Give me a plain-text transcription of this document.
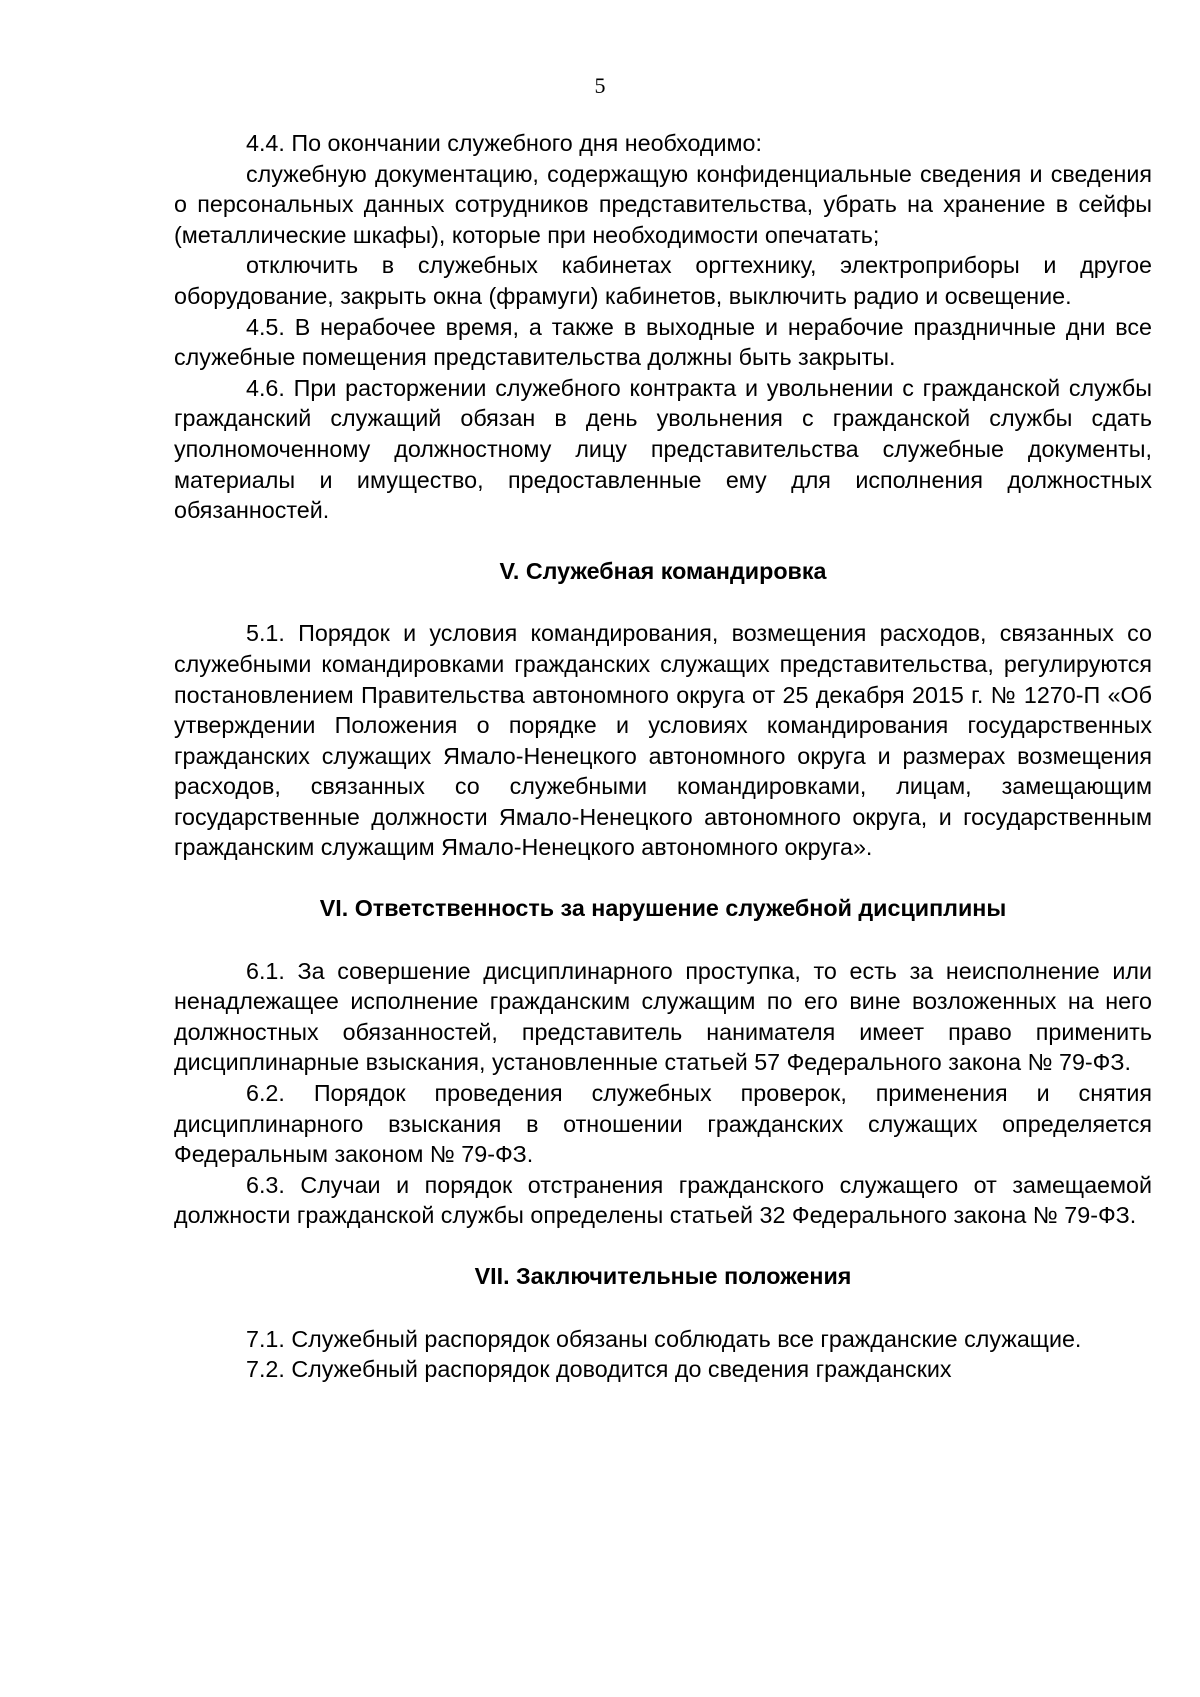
5

4.4. По окончании служебного дня необходимо:

служебную документацию, содержащую конфиденциальные сведения и сведения о персональных данных сотрудников представительства, убрать на хранение в сейфы (металлические шкафы), которые при необходимости опечатать;

отключить в служебных кабинетах оргтехнику, электроприборы и другое оборудование, закрыть окна (фрамуги) кабинетов, выключить радио и освещение.

4.5. В нерабочее время, а также в выходные и нерабочие праздничные дни все служебные помещения представительства должны быть закрыты.

4.6. При расторжении служебного контракта и увольнении с гражданской службы гражданский служащий обязан в день увольнения с гражданской службы сдать уполномоченному должностному лицу представительства служебные документы, материалы и имущество, предоставленные ему для исполнения должностных обязанностей.

V. Служебная командировка

5.1. Порядок и условия командирования, возмещения расходов, связанных со служебными командировками гражданских служащих представительства, регулируются постановлением Правительства автономного округа от 25 декабря 2015 г. № 1270-П «Об утверждении Положения о порядке и условиях командирования государственных гражданских служащих Ямало-Ненецкого автономного округа и размерах возмещения расходов, связанных со служебными командировками, лицам, замещающим государственные должности Ямало-Ненецкого автономного округа, и государственным гражданским служащим Ямало-Ненецкого автономного округа».

VI. Ответственность за нарушение служебной дисциплины

6.1. За совершение дисциплинарного проступка, то есть за неисполнение или ненадлежащее исполнение гражданским служащим по его вине возложенных на него должностных обязанностей, представитель нанимателя имеет право применить дисциплинарные взыскания, установленные статьей 57 Федерального закона № 79-ФЗ.

6.2. Порядок проведения служебных проверок, применения и снятия дисциплинарного взыскания в отношении гражданских служащих определяется Федеральным законом № 79-ФЗ.

6.3. Случаи и порядок отстранения гражданского служащего от замещаемой должности гражданской службы определены статьей 32 Федерального закона № 79-ФЗ.

VII. Заключительные положения

7.1. Служебный распорядок обязаны соблюдать все гражданские служащие.

7.2. Служебный распорядок доводится до сведения гражданских
